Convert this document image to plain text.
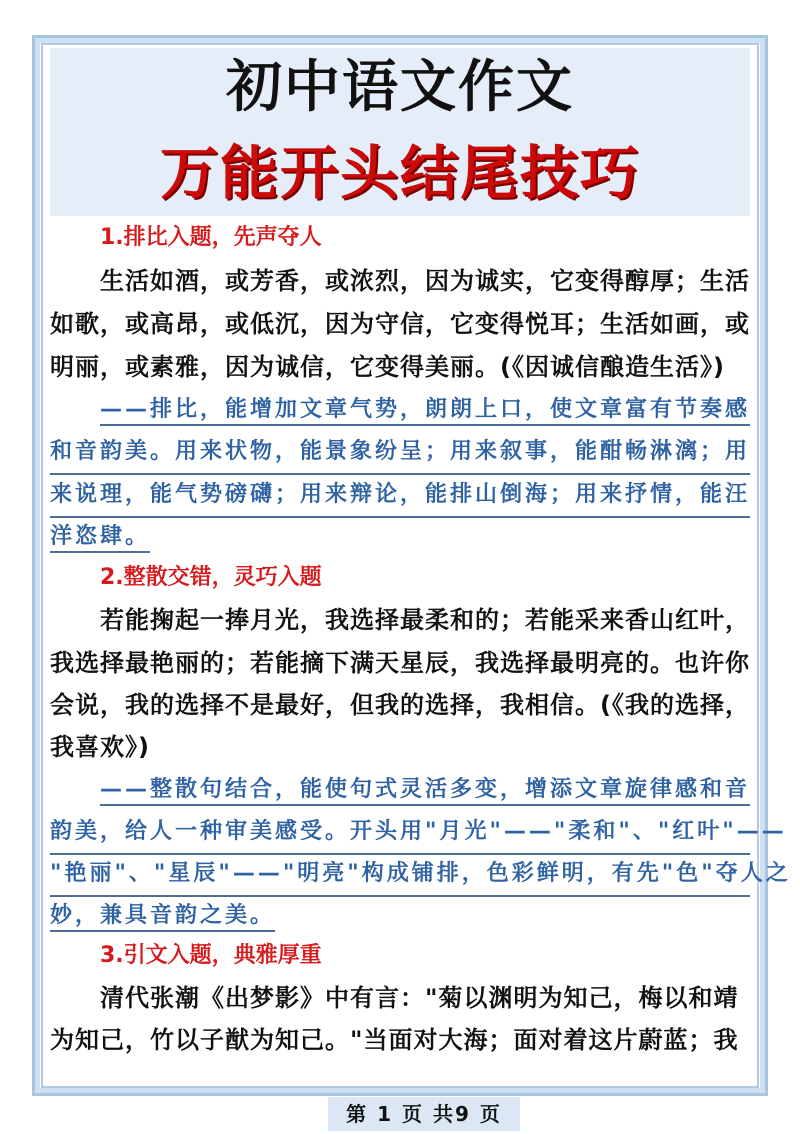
初中语文作文
万能开头结尾技巧
1.排比入题，先声夺人
生活如酒，或芳香，或浓烈，因为诚实，它变得醇厚；生活
如歌，或高昂，或低沉，因为守信，它变得悦耳；生活如画，或
明丽，或素雅，因为诚信，它变得美丽。(《因诚信酿造生活》)
——排比，能增加文章气势，朗朗上口，使文章富有节奏感
和音韵美。用来状物，能景象纷呈；用来叙事，能酣畅淋漓；用
来说理，能气势磅礴；用来辩论，能排山倒海；用来抒情，能汪
洋恣肆。
2.整散交错，灵巧入题
若能掬起一捧月光，我选择最柔和的；若能采来香山红叶，
我选择最艳丽的；若能摘下满天星辰，我选择最明亮的。也许你
会说，我的选择不是最好，但我的选择，我相信。(《我的选择，
我喜欢》)
——整散句结合，能使句式灵活多变，增添文章旋律感和音
韵美，给人一种审美感受。开头用"月光"——"柔和"、"红叶"——
"艳丽"、"星辰"——"明亮"构成铺排，色彩鲜明，有先"色"夺人之
妙，兼具音韵之美。
3.引文入题，典雅厚重
清代张潮《出梦影》中有言："菊以渊明为知己，梅以和靖
为知己，竹以子猷为知己。"当面对大海；面对着这片蔚蓝；我
第 1 页 共9 页
